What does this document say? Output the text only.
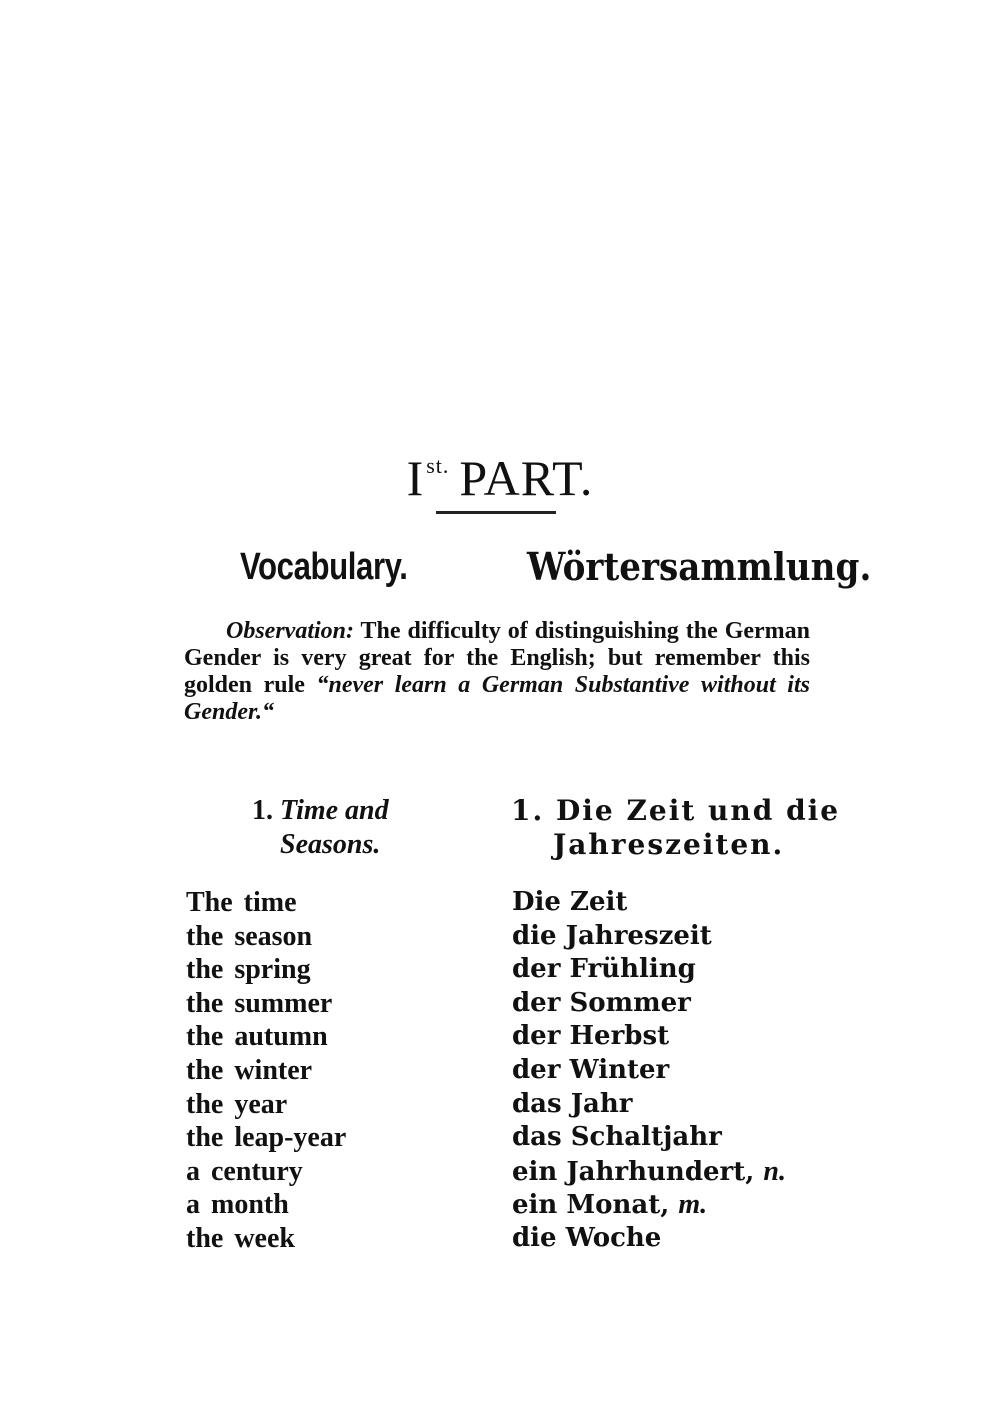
$I^{st.}$ PART.
Vocabulary.	Wörtersammlung.
Observation: The difficulty of distinguishing the German Gender is very great for the English; but remember this golden rule “never learn a German Substantive without its Gender.“
1. Time and
Seasons.
1. Die Zeit und die
Jahreszeiten.
The time	Die Zeit
the season	die Jahreszeit
the spring	der Frühling
the summer	der Sommer
the autumn	der Herbst
the winter	der Winter
the year	das Jahr
the leap-year	das Schaltjahr
a century	ein Jahrhundert, n.
a month	ein Monat, m.
the week	die Woche
